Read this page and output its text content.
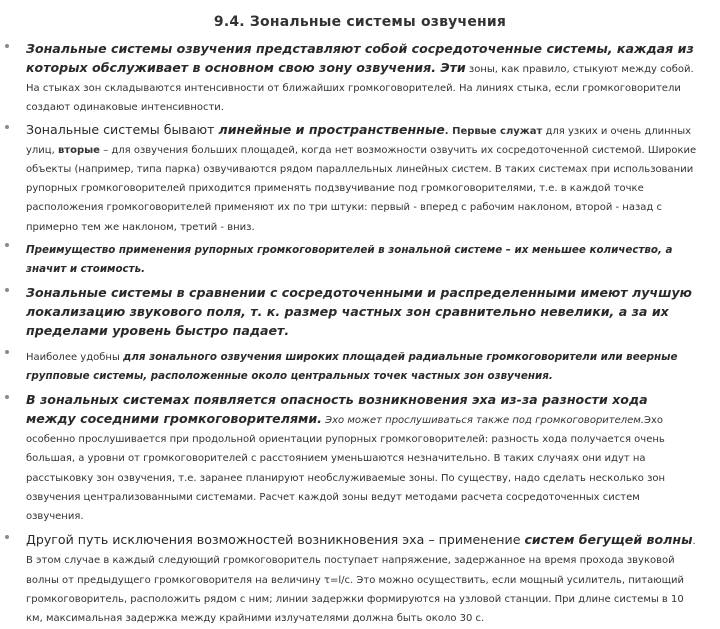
9.4. Зональные системы озвучения
Зональные системы озвучения представляют собой сосредоточенные системы, каждая из которых обслуживает в основном свою зону озвучения. Эти зоны, как правило, стыкуют между собой. На стыках зон складываются интенсивности от ближайших громкоговорителей. На линиях стыка, если громкоговорители создают одинаковые интенсивности.
Зональные системы бывают линейные и пространственные. Первые служат для узких и очень длинных улиц, вторые – для озвучения больших площадей, когда нет возможности озвучить их сосредоточенной системой. Широкие объекты (например, типа парка) озвучиваются рядом параллельных линейных систем. В таких системах при использовании рупорных громкоговорителей приходится применять подзвучивание под громкоговорителями, т.е. в каждой точке расположения громкоговорителей применяют их по три штуки: первый - вперед с рабочим наклоном, второй - назад с примерно тем же наклоном, третий - вниз.
Преимущество применения рупорных громкоговорителей в зональной системе – их меньшее количество, а значит и стоимость.
Зональные системы в сравнении с сосредоточенными и распределенными имеют лучшую локализацию звукового поля, т. к. размер частных зон сравнительно невелики, а за их пределами уровень быстро падает.
Наиболее удобны для зонального озвучения широких площадей радиальные громкоговорители или веерные групповые системы, расположенные около центральных точек частных зон озвучения.
В зональных системах появляется опасность возникновения эха из-за разности хода между соседними громкоговорителями. Эхо может прослушиваться также под громкоговорителем.Эхо особенно прослушивается при продольной ориентации рупорных громкоговорителей: разность хода получается очень большая, а уровни от громкоговорителей с расстоянием уменьшаются незначительно. В таких случаях они идут на расстыковку зон озвучения, т.е. заранее планируют необслуживаемые зоны. По существу, надо сделать несколько зон озвучения централизованными системами. Расчет каждой зоны ведут методами расчета сосредоточенных систем озвучения.
Другой путь исключения возможностей возникновения эха – применение систем бегущей волны. В этом случае в каждый следующий громкоговоритель поступает напряжение, задержанное на время прохода звуковой волны от предыдущего громкоговорителя на величину τ=l/c. Это можно осуществить, если мощный усилитель, питающий громкоговоритель, расположить рядом с ним; линии задержки формируются на узловой станции. При длине системы в 10 км, максимальная задержка между крайними излучателями должна быть около 30 с.
